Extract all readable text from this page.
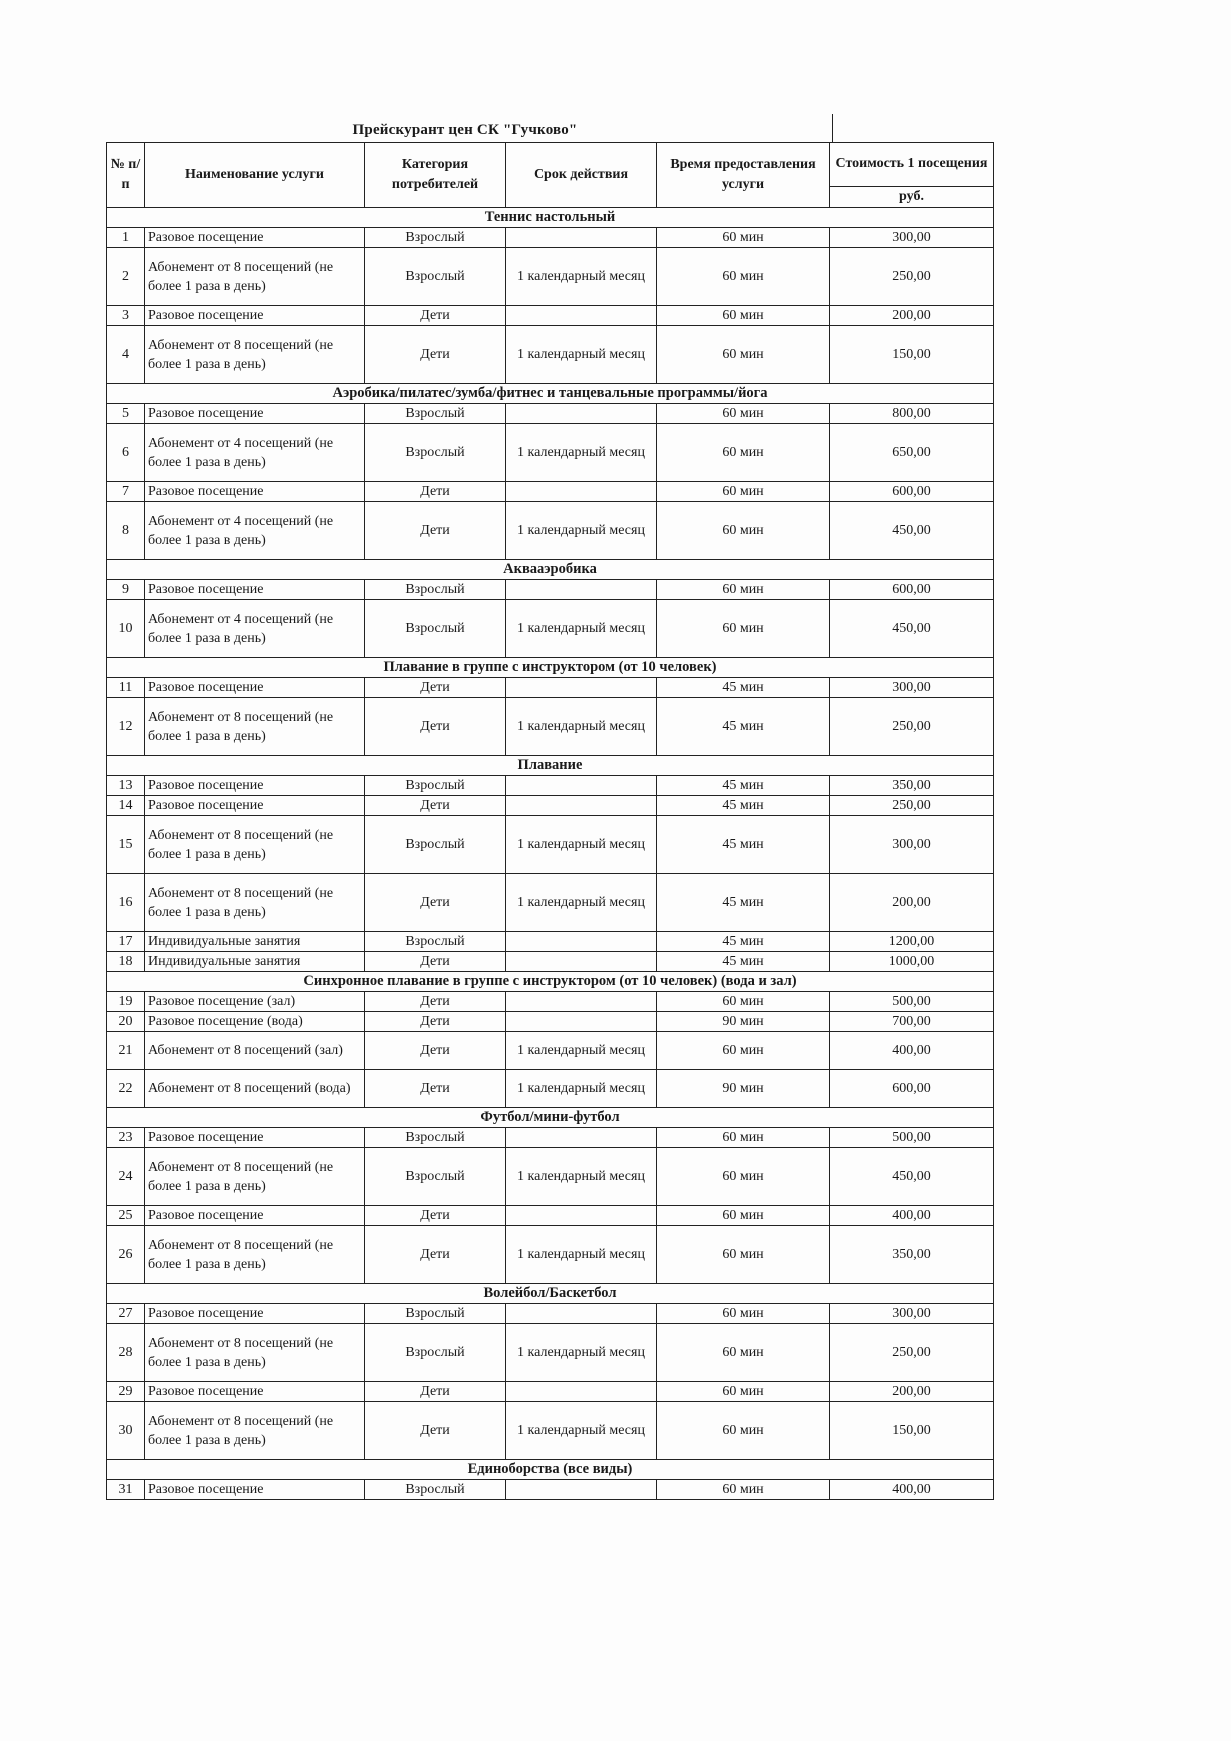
Прейскурант цен СК "Гучково"
№ п/п	Наименование услуги	Категория потребителей	Срок действия	Время предоставления услуги	Стоимость 1 посещения
					руб.
Теннис настольный					
1	Разовое посещение	Взрослый		60 мин	300,00
2	Абонемент от 8 посещений (не более 1 раза в день)	Взрослый	1 календарный месяц	60 мин	250,00
3	Разовое посещение	Дети		60 мин	200,00
4	Абонемент от 8 посещений (не более 1 раза в день)	Дети	1 календарный месяц	60 мин	150,00
Аэробика/пилатес/зумба/фитнес и танцевальные программы/йога					
5	Разовое посещение	Взрослый		60 мин	800,00
6	Абонемент от 4 посещений (не более 1 раза в день)	Взрослый	1 календарный месяц	60 мин	650,00
7	Разовое посещение	Дети		60 мин	600,00
8	Абонемент от 4 посещений (не более 1 раза в день)	Дети	1 календарный месяц	60 мин	450,00
Аквааэробика					
9	Разовое посещение	Взрослый		60 мин	600,00
10	Абонемент от 4 посещений (не более 1 раза в день)	Взрослый	1 календарный месяц	60 мин	450,00
Плавание в группе с инструктором (от 10 человек)					
11	Разовое посещение	Дети		45 мин	300,00
12	Абонемент от 8 посещений (не более 1 раза в день)	Дети	1 календарный месяц	45 мин	250,00
Плавание					
13	Разовое посещение	Взрослый		45 мин	350,00
14	Разовое посещение	Дети		45 мин	250,00
15	Абонемент от 8 посещений (не более 1 раза в день)	Взрослый	1 календарный месяц	45 мин	300,00
16	Абонемент от 8 посещений (не более 1 раза в день)	Дети	1 календарный месяц	45 мин	200,00
17	Индивидуальные занятия	Взрослый		45 мин	1200,00
18	Индивидуальные занятия	Дети		45 мин	1000,00
Синхронное плавание в группе с инструктором (от 10 человек) (вода и зал)					
19	Разовое посещение (зал)	Дети		60 мин	500,00
20	Разовое посещение (вода)	Дети		90 мин	700,00
21	Абонемент от 8 посещений (зал)	Дети	1 календарный месяц	60 мин	400,00
22	Абонемент от 8 посещений (вода)	Дети	1 календарный месяц	90 мин	600,00
Футбол/мини-футбол					
23	Разовое посещение	Взрослый		60 мин	500,00
24	Абонемент от 8 посещений (не более 1 раза в день)	Взрослый	1 календарный месяц	60 мин	450,00
25	Разовое посещение	Дети		60 мин	400,00
26	Абонемент от 8 посещений (не более 1 раза в день)	Дети	1 календарный месяц	60 мин	350,00
Волейбол/Баскетбол					
27	Разовое посещение	Взрослый		60 мин	300,00
28	Абонемент от 8 посещений (не более 1 раза в день)	Взрослый	1 календарный месяц	60 мин	250,00
29	Разовое посещение	Дети		60 мин	200,00
30	Абонемент от 8 посещений (не более 1 раза в день)	Дети	1 календарный месяц	60 мин	150,00
Единоборства (все виды)					
31	Разовое посещение	Взрослый		60 мин	400,00
